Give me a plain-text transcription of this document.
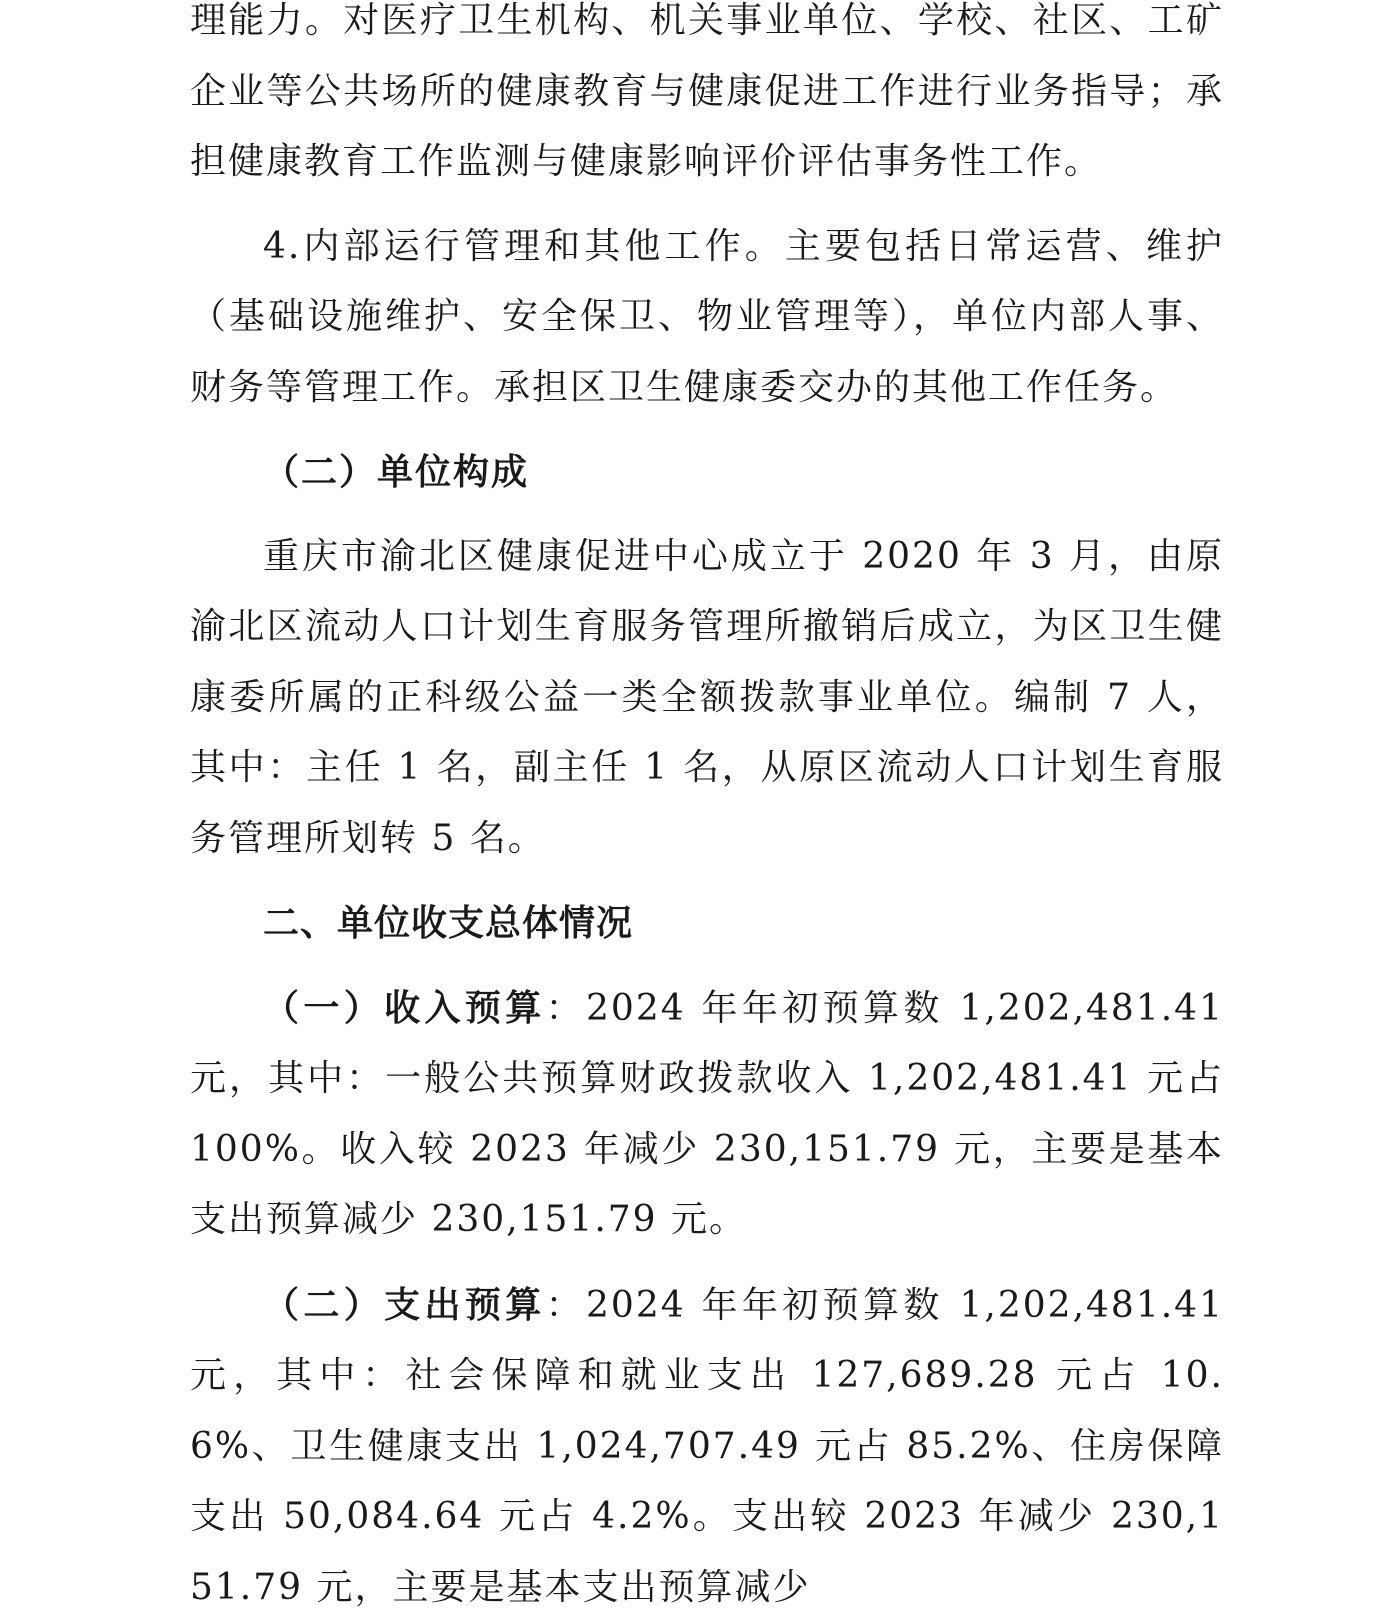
理能力。对医疗卫生机构、机关事业单位、学校、社区、工矿企业等公共场所的健康教育与健康促进工作进行业务指导；承担健康教育工作监测与健康影响评价评估事务性工作。

4.内部运行管理和其他工作。主要包括日常运营、维护（基础设施维护、安全保卫、物业管理等），单位内部人事、财务等管理工作。承担区卫生健康委交办的其他工作任务。

（二）单位构成

重庆市渝北区健康促进中心成立于 2020 年 3 月，由原渝北区流动人口计划生育服务管理所撤销后成立，为区卫生健康委所属的正科级公益一类全额拨款事业单位。编制 7 人，其中：主任 1 名，副主任 1 名，从原区流动人口计划生育服务管理所划转 5 名。

二、单位收支总体情况

（一）收入预算：2024 年年初预算数 1,202,481.41 元，其中：一般公共预算财政拨款收入 1,202,481.41 元占 100%。收入较 2023 年减少 230,151.79 元，主要是基本支出预算减少 230,151.79 元。

（二）支出预算：2024 年年初预算数 1,202,481.41 元，其中：社会保障和就业支出 127,689.28 元占 10.6%、卫生健康支出 1,024,707.49 元占 85.2%、住房保障支出 50,084.64 元占 4.2%。支出较 2023 年减少 230,151.79 元，主要是基本支出预算减少
